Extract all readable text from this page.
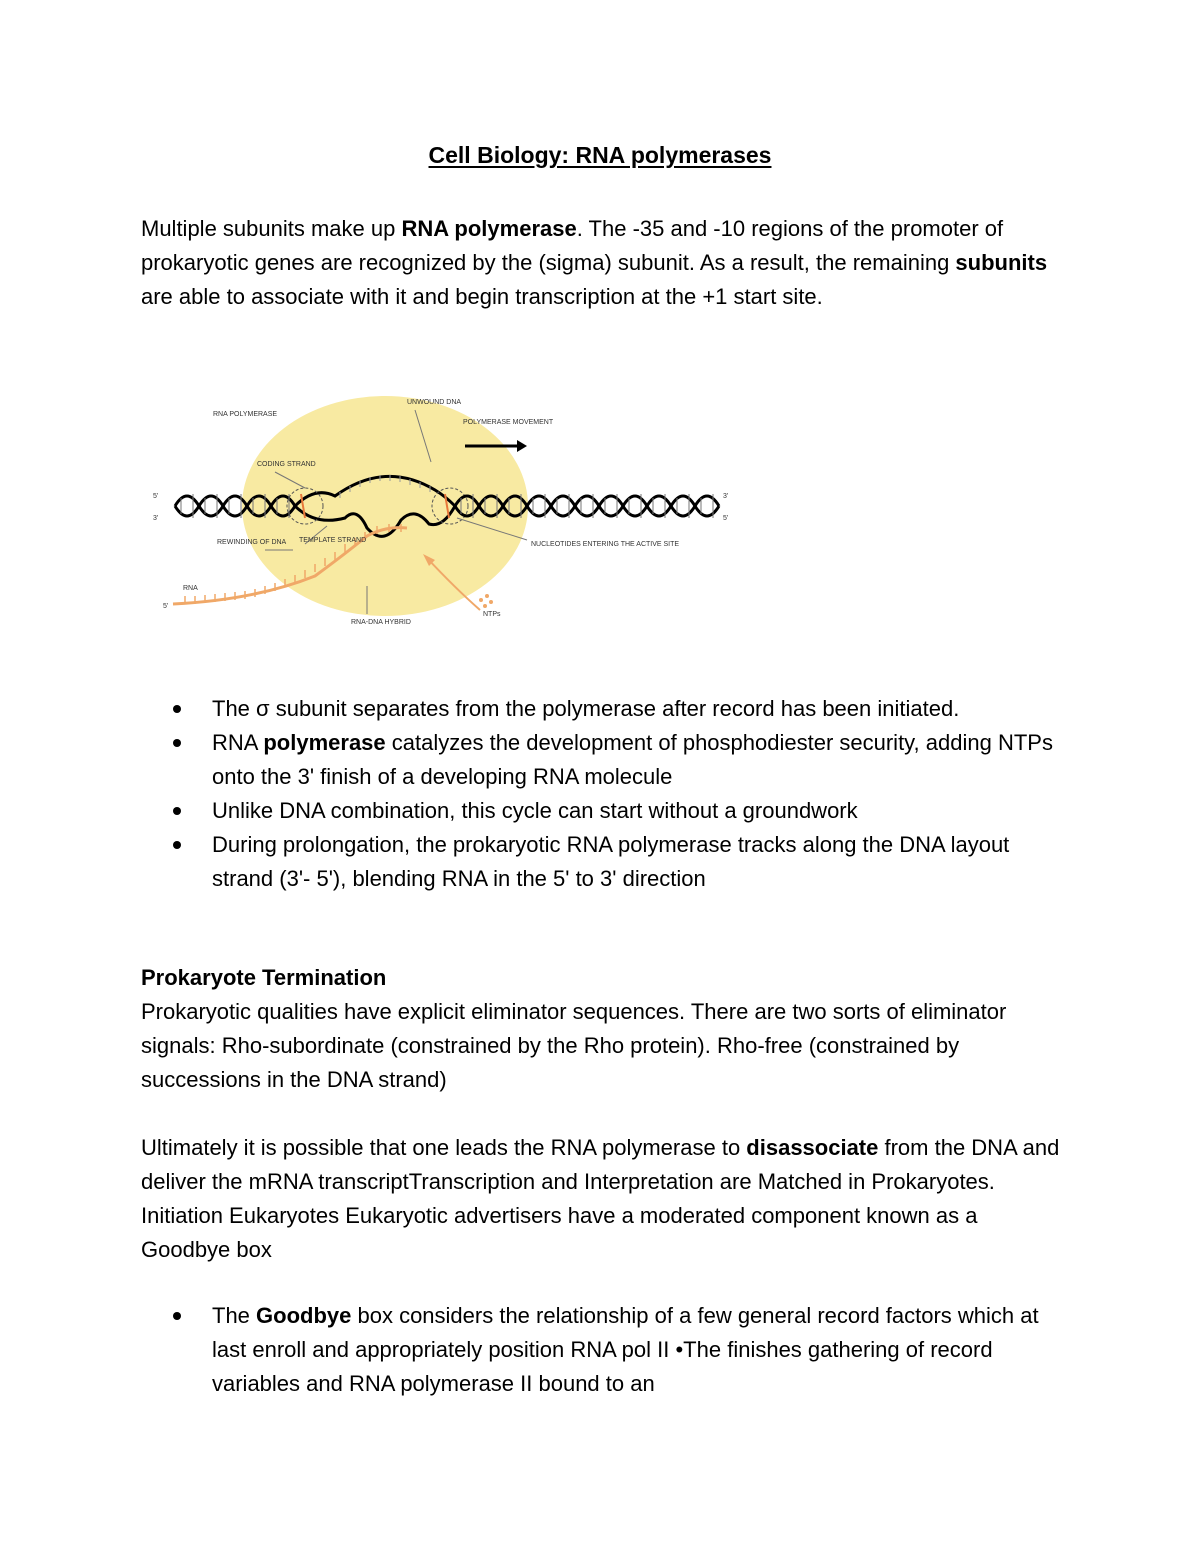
Cell Biology: RNA polymerases

Multiple subunits make up RNA polymerase. The -35 and -10 regions of the promoter of prokaryotic genes are recognized by the (sigma) subunit. As a result, the remaining subunits are able to associate with it and begin transcription at the +1 start site.

RNA POLYMERASE
UNWOUND DNA
POLYMERASE MOVEMENT
CODING STRAND
TEMPLATE STRAND
REWINDING OF DNA	NUCLEOTIDES ENTERING THE ACTIVE SITE
RNA
NTPs
RNA-DNA HYBRID
5'
3'
3'
5'
5'
The σ subunit separates from the polymerase after record has been initiated.
RNA polymerase catalyzes the development of phosphodiester security, adding NTPs onto the 3' finish of a developing RNA molecule
Unlike DNA combination, this cycle can start without a groundwork
During prolongation, the prokaryotic RNA polymerase tracks along the DNA layout strand (3'- 5'), blending RNA in the 5' to 3' direction
Prokaryote Termination

Prokaryotic qualities have explicit eliminator sequences. There are two sorts of eliminator signals: Rho-subordinate (constrained by the Rho protein). Rho-free (constrained by successions in the DNA strand)

Ultimately it is possible that one leads the RNA polymerase to disassociate from the DNA and deliver the mRNA transcriptTranscription and Interpretation are Matched in Prokaryotes. Initiation Eukaryotes Eukaryotic advertisers have a moderated component known as a Goodbye box

The Goodbye box considers the relationship of a few general record factors which at last enroll and appropriately position RNA pol II •The finishes gathering of record variables and RNA polymerase II bound to an
